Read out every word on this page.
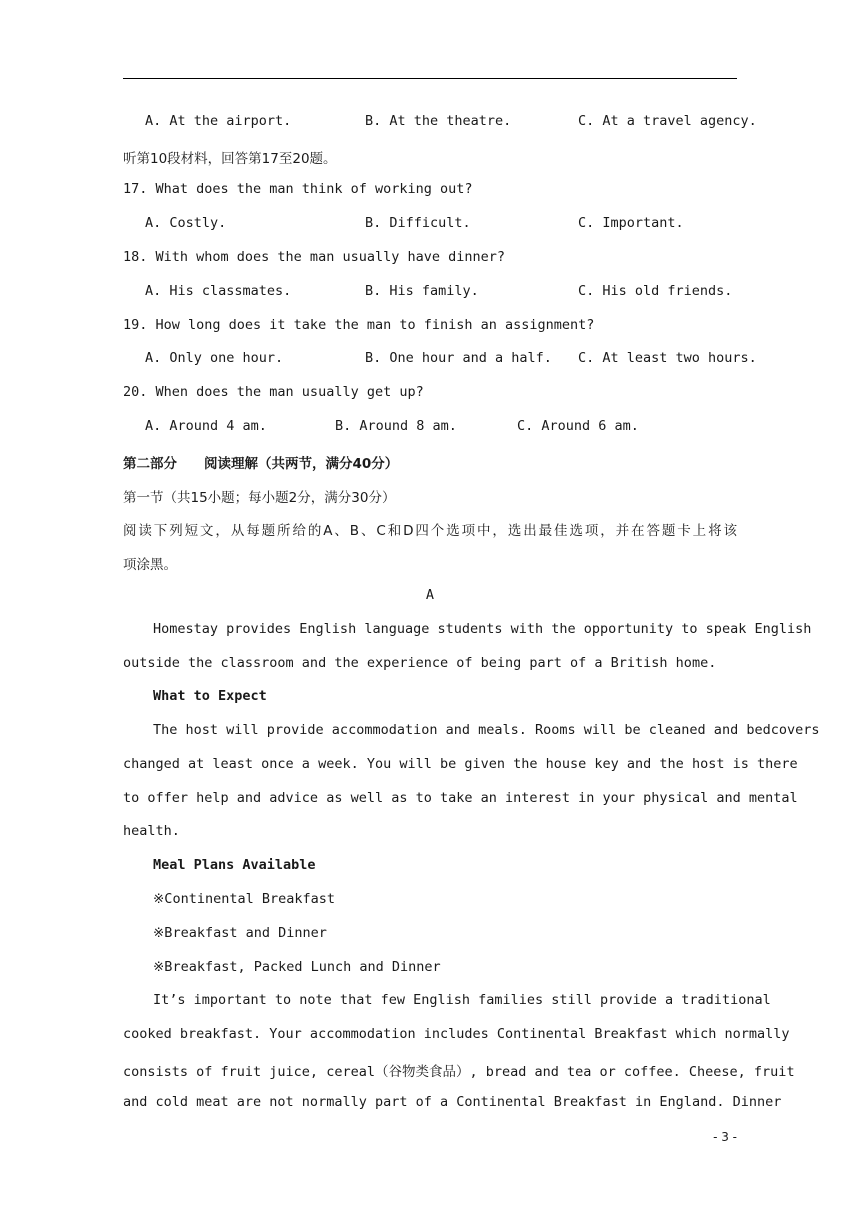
A. At the airport.	B. At the theatre.	C. At a travel agency.
听第10段材料，回答第17至20题。
17. What does the man think of working out?
A. Costly.	B. Difficult.	C. Important.
18. With whom does the man usually have dinner?
A. His classmates.	B. His family.	C. His old friends.
19. How long does it take the man to finish an assignment?
A. Only one hour.	B. One hour and a half. C. At least two hours.
20. When does the man usually get up?
A. Around 4 am.	B. Around 8 am.	C. Around 6 am.
第二部分　　阅读理解（共两节，满分40分）
第一节（共15小题；每小题2分，满分30分）
阅读下列短文，从每题所给的A、B、C和D四个选项中，选出最佳选项，并在答题卡上将该
项涂黑。
A
Homestay provides English language students with the opportunity to speak English
outside the classroom and the experience of being part of a British home.
What to Expect
The host will provide accommodation and meals. Rooms will be cleaned and bedcovers
changed at least once a week. You will be given the house key and the host is there
to offer help and advice as well as to take an interest in your physical and mental
health.
Meal Plans Available
※Continental Breakfast
※Breakfast and Dinner
※Breakfast, Packed Lunch and Dinner
It’s important to note that few English families still provide a traditional
cooked breakfast. Your accommodation includes Continental Breakfast which normally
consists of fruit juice, cereal（谷物类食品）, bread and tea or coffee. Cheese, fruit
and cold meat are not normally part of a Continental Breakfast in England. Dinner
- 3 -
